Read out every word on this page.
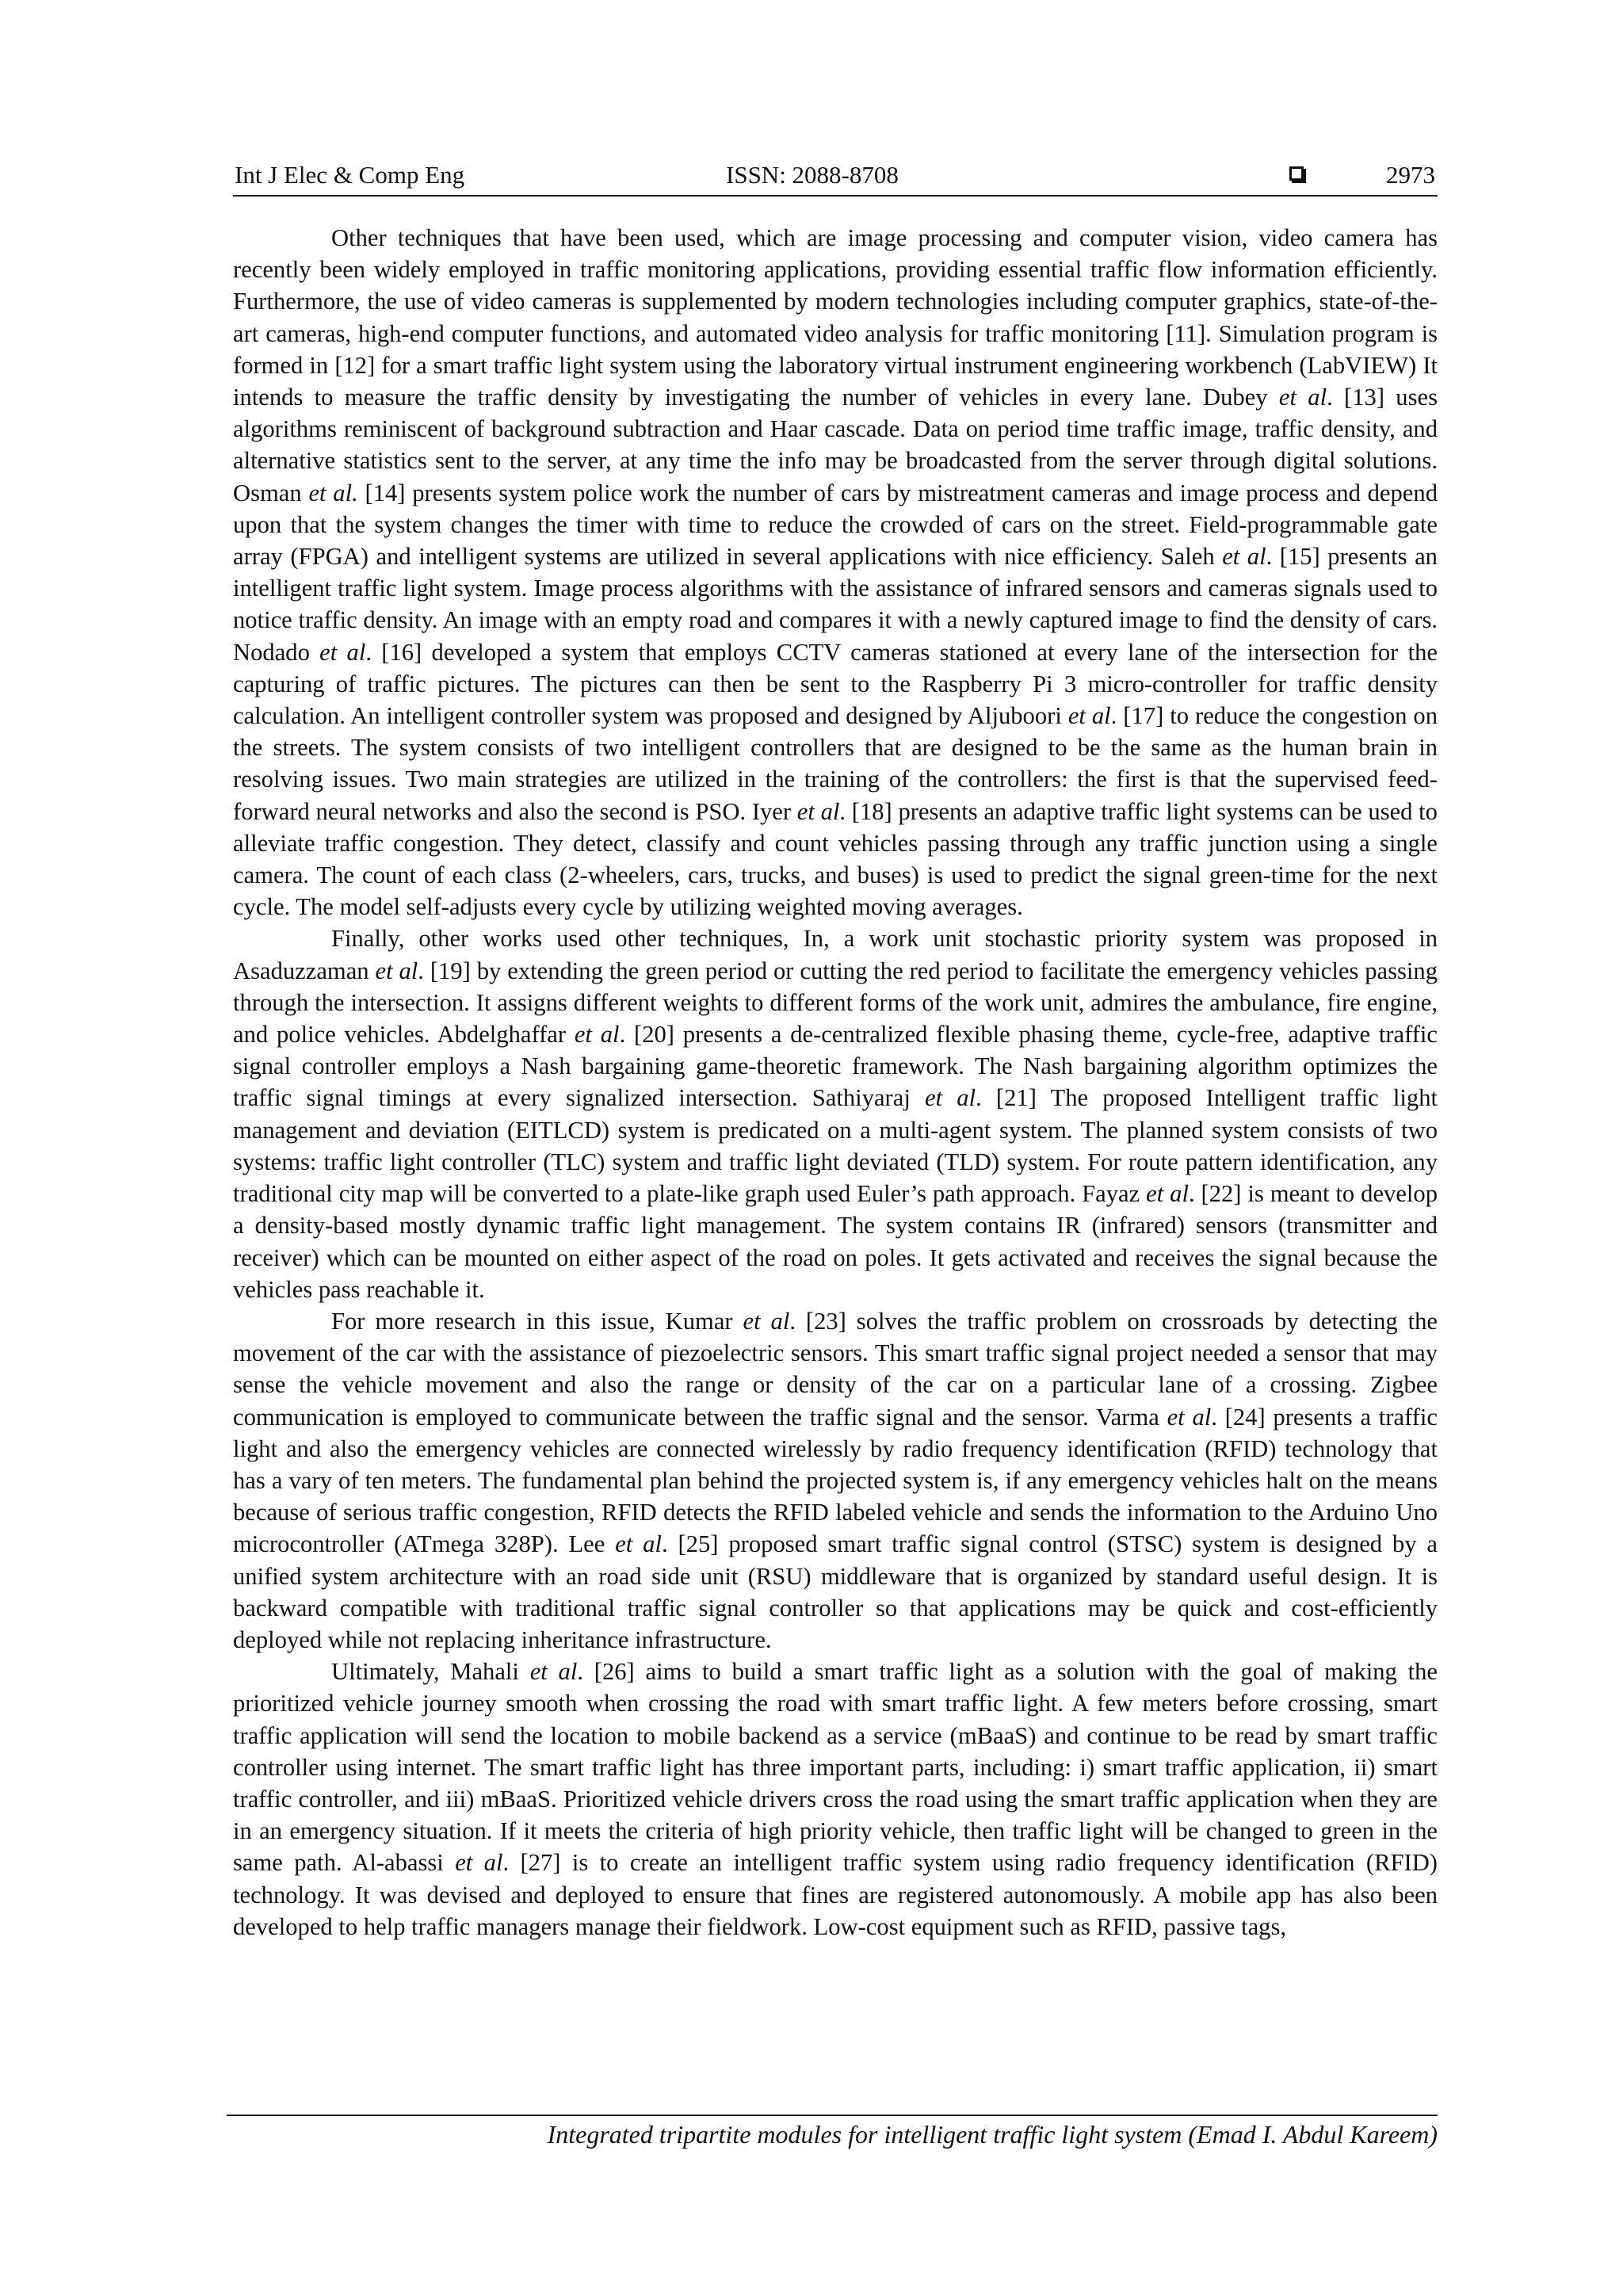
Int J Elec & Comp Eng	ISSN: 2088-8708	2973

Other techniques that have been used, which are image processing and computer vision, video camera has recently been widely employed in traffic monitoring applications, providing essential traffic flow information efficiently. Furthermore, the use of video cameras is supplemented by modern technologies including computer graphics, state-of-the-art cameras, high-end computer functions, and automated video analysis for traffic monitoring [11]. Simulation program is formed in [12] for a smart traffic light system using the laboratory virtual instrument engineering workbench (LabVIEW) It intends to measure the traffic density by investigating the number of vehicles in every lane. Dubey et al. [13] uses algorithms reminiscent of background subtraction and Haar cascade. Data on period time traffic image, traffic density, and alternative statistics sent to the server, at any time the info may be broadcasted from the server through digital solutions. Osman et al. [14] presents system police work the number of cars by mistreatment cameras and image process and depend upon that the system changes the timer with time to reduce the crowded of cars on the street. Field-programmable gate array (FPGA) and intelligent systems are utilized in several applications with nice efficiency. Saleh et al. [15] presents an intelligent traffic light system. Image process algorithms with the assistance of infrared sensors and cameras signals used to notice traffic density. An image with an empty road and compares it with a newly captured image to find the density of cars. Nodado et al. [16] developed a system that employs CCTV cameras stationed at every lane of the intersection for the capturing of traffic pictures. The pictures can then be sent to the Raspberry Pi 3 micro-controller for traffic density calculation. An intelligent controller system was proposed and designed by Aljuboori et al. [17] to reduce the congestion on the streets. The system consists of two intelligent controllers that are designed to be the same as the human brain in resolving issues. Two main strategies are utilized in the training of the controllers: the first is that the supervised feed-forward neural networks and also the second is PSO. Iyer et al. [18] presents an adaptive traffic light systems can be used to alleviate traffic congestion. They detect, classify and count vehicles passing through any traffic junction using a single camera. The count of each class (2-wheelers, cars, trucks, and buses) is used to predict the signal green-time for the next cycle. The model self-adjusts every cycle by utilizing weighted moving averages.

Finally, other works used other techniques, In, a work unit stochastic priority system was proposed in Asaduzzaman et al. [19] by extending the green period or cutting the red period to facilitate the emergency vehicles passing through the intersection. It assigns different weights to different forms of the work unit, admires the ambulance, fire engine, and police vehicles. Abdelghaffar et al. [20] presents a de-centralized flexible phasing theme, cycle-free, adaptive traffic signal controller employs a Nash bargaining game-theoretic framework. The Nash bargaining algorithm optimizes the traffic signal timings at every signalized intersection. Sathiyaraj et al. [21] The proposed Intelligent traffic light management and deviation (EITLCD) system is predicated on a multi-agent system. The planned system consists of two systems: traffic light controller (TLC) system and traffic light deviated (TLD) system. For route pattern identification, any traditional city map will be converted to a plate-like graph used Euler’s path approach. Fayaz et al. [22] is meant to develop a density-based mostly dynamic traffic light management. The system contains IR (infrared) sensors (transmitter and receiver) which can be mounted on either aspect of the road on poles. It gets activated and receives the signal because the vehicles pass reachable it.

For more research in this issue, Kumar et al. [23] solves the traffic problem on crossroads by detecting the movement of the car with the assistance of piezoelectric sensors. This smart traffic signal project needed a sensor that may sense the vehicle movement and also the range or density of the car on a particular lane of a crossing. Zigbee communication is employed to communicate between the traffic signal and the sensor. Varma et al. [24] presents a traffic light and also the emergency vehicles are connected wirelessly by radio frequency identification (RFID) technology that has a vary of ten meters. The fundamental plan behind the projected system is, if any emergency vehicles halt on the means because of serious traffic congestion, RFID detects the RFID labeled vehicle and sends the information to the Arduino Uno microcontroller (ATmega 328P). Lee et al. [25] proposed smart traffic signal control (STSC) system is designed by a unified system architecture with an road side unit (RSU) middleware that is organized by standard useful design. It is backward compatible with traditional traffic signal controller so that applications may be quick and cost-efficiently deployed while not replacing inheritance infrastructure.

Ultimately, Mahali et al. [26] aims to build a smart traffic light as a solution with the goal of making the prioritized vehicle journey smooth when crossing the road with smart traffic light. A few meters before crossing, smart traffic application will send the location to mobile backend as a service (mBaaS) and continue to be read by smart traffic controller using internet. The smart traffic light has three important parts, including: i) smart traffic application, ii) smart traffic controller, and iii) mBaaS. Prioritized vehicle drivers cross the road using the smart traffic application when they are in an emergency situation. If it meets the criteria of high priority vehicle, then traffic light will be changed to green in the same path. Al-abassi et al. [27] is to create an intelligent traffic system using radio frequency identification (RFID) technology. It was devised and deployed to ensure that fines are registered autonomously. A mobile app has also been developed to help traffic managers manage their fieldwork. Low-cost equipment such as RFID, passive tags,

Integrated tripartite modules for intelligent traffic light system (Emad I. Abdul Kareem)
